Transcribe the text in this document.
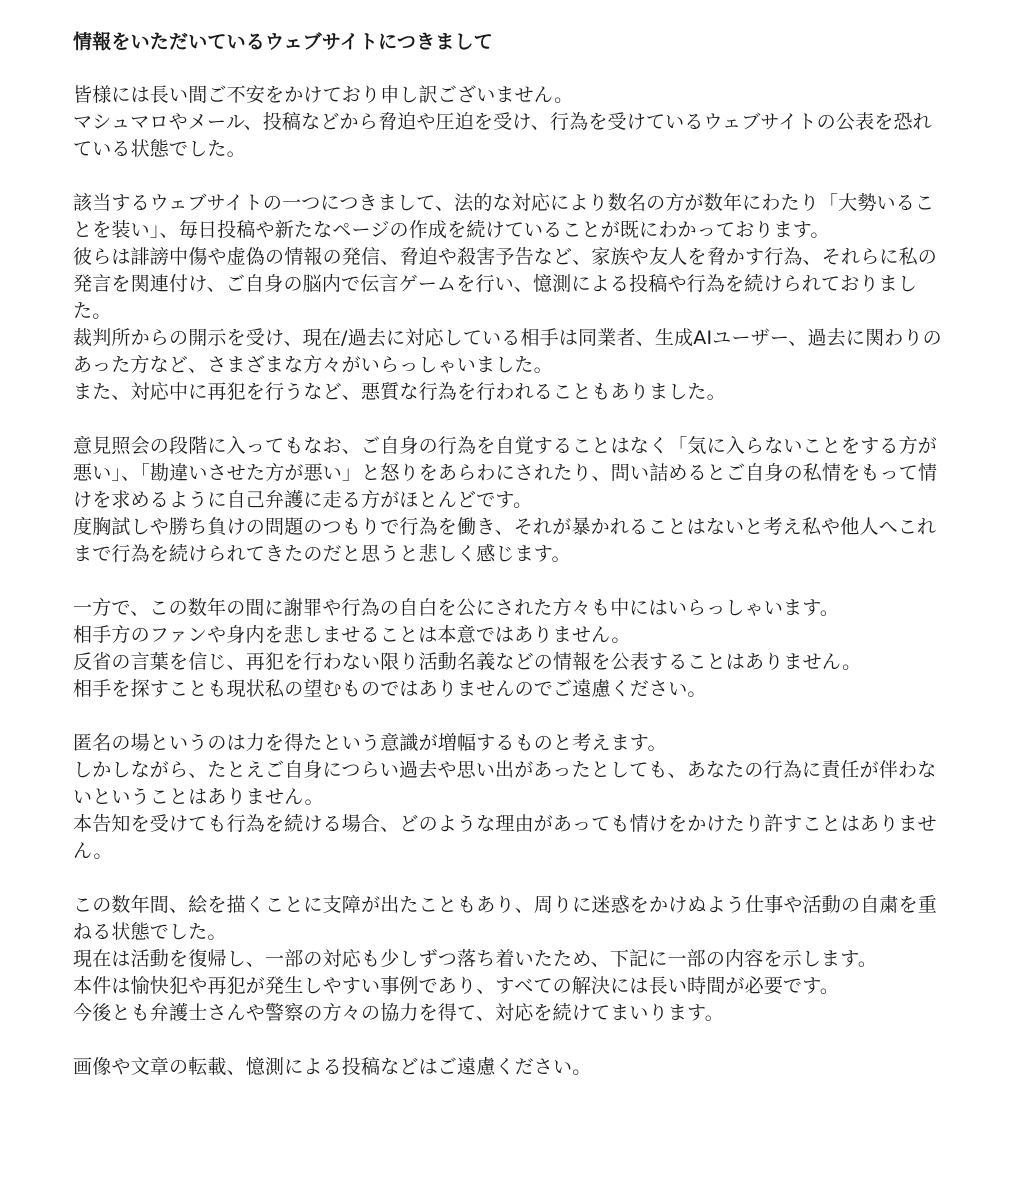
情報をいただいているウェブサイトにつきまして

皆様には長い間ご不安をかけており申し訳ございません。

マシュマロやメール、投稿などから脅迫や圧迫を受け、行為を受けているウェブサイトの公表を恐れている状態でした。

該当するウェブサイトの一つにつきまして、法的な対応により数名の方が数年にわたり「大勢いることを装い」、毎日投稿や新たなページの作成を続けていることが既にわかっております。

彼らは誹謗中傷や虚偽の情報の発信、脅迫や殺害予告など、家族や友人を脅かす行為、それらに私の発言を関連付け、ご自身の脳内で伝言ゲームを行い、憶測による投稿や行為を続けられておりました。

裁判所からの開示を受け、現在/過去に対応している相手は同業者、生成AIユーザー、過去に関わりのあった方など、さまざまな方々がいらっしゃいました。

また、対応中に再犯を行うなど、悪質な行為を行われることもありました。

意見照会の段階に入ってもなお、ご自身の行為を自覚することはなく「気に入らないことをする方が悪い」、「勘違いさせた方が悪い」と怒りをあらわにされたり、問い詰めるとご自身の私情をもって情けを求めるように自己弁護に走る方がほとんどです。

度胸試しや勝ち負けの問題のつもりで行為を働き、それが暴かれることはないと考え私や他人へこれまで行為を続けられてきたのだと思うと悲しく感じます。

一方で、この数年の間に謝罪や行為の自白を公にされた方々も中にはいらっしゃいます。

相手方のファンや身内を悲しませることは本意ではありません。

反省の言葉を信じ、再犯を行わない限り活動名義などの情報を公表することはありません。

相手を探すことも現状私の望むものではありませんのでご遠慮ください。

匿名の場というのは力を得たという意識が増幅するものと考えます。

しかしながら、たとえご自身につらい過去や思い出があったとしても、あなたの行為に責任が伴わないということはありません。

本告知を受けても行為を続ける場合、どのような理由があっても情けをかけたり許すことはありません。

この数年間、絵を描くことに支障が出たこともあり、周りに迷惑をかけぬよう仕事や活動の自粛を重ねる状態でした。

現在は活動を復帰し、一部の対応も少しずつ落ち着いたため、下記に一部の内容を示します。

本件は愉快犯や再犯が発生しやすい事例であり、すべての解決には長い時間が必要です。

今後とも弁護士さんや警察の方々の協力を得て、対応を続けてまいります。

画像や文章の転載、憶測による投稿などはご遠慮ください。
